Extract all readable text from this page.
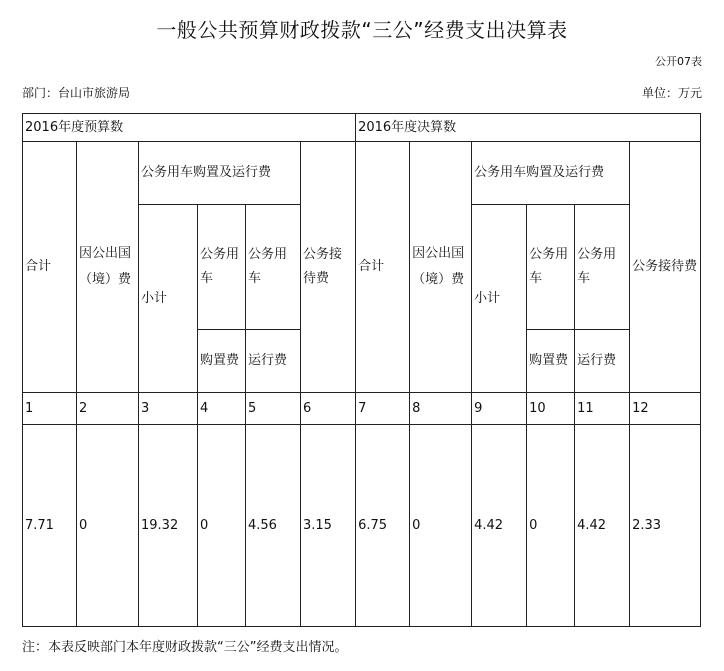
一般公共预算财政拨款“三公”经费支出决算表
公开07表
部门：台山市旅游局	单位：万元
2016年度预算数						2016年度决算数					
合计	因公出国（境）费	公务用车购置及运行费			公务接待费	合计	因公出国（境）费	公务用车购置及运行费			公务接待费
		小计	公务用车	公务用车				小计	公务用车	公务用车	
			购置费	运行费					购置费	运行费	
1	2	3	4	5	6	7	8	9	10	11	12
7.71	0	19.32	0	4.56	3.15	6.75	0	4.42	0	4.42	2.33
注：本表反映部门本年度财政拨款“三公”经费支出情况。
